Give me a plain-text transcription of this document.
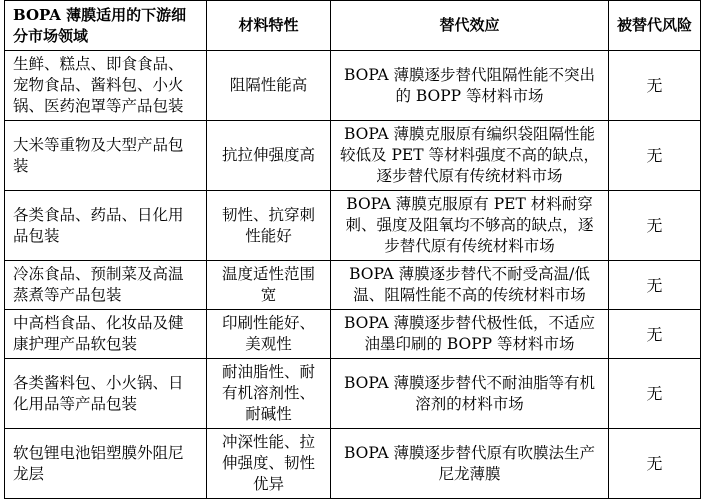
BOPA 薄膜适用的下游细分市场领域	材料特性	替代效应	被替代风险
生鲜、糕点、即食食品、宠物食品、酱料包、小火锅、医药泡罩等产品包装	阻隔性能高	BOPA 薄膜逐步替代阻隔性能不突出的 BOPP 等材料市场	无
大米等重物及大型产品包装	抗拉伸强度高	BOPA 薄膜克服原有编织袋阻隔性能较低及 PET 等材料强度不高的缺点，逐步替代原有传统材料市场	无
各类食品、药品、日化用品包装	韧性、抗穿刺性能好	BOPA 薄膜克服原有 PET 材料耐穿刺、强度及阻氧均不够高的缺点，逐步替代原有传统材料市场	无
冷冻食品、预制菜及高温蒸煮等产品包装	温度适性范围宽	BOPA 薄膜逐步替代不耐受高温/低温、阻隔性能不高的传统材料市场	无
中高档食品、化妆品及健康护理产品软包装	印刷性能好、美观性	BOPA 薄膜逐步替代极性低，不适应油墨印刷的 BOPP 等材料市场	无
各类酱料包、小火锅、日化用品等产品包装	耐油脂性、耐有机溶剂性、耐碱性	BOPA 薄膜逐步替代不耐油脂等有机溶剂的材料市场	无
软包锂电池铝塑膜外阻尼龙层	冲深性能、拉伸强度、韧性优异	BOPA 薄膜逐步替代原有吹膜法生产尼龙薄膜	无
